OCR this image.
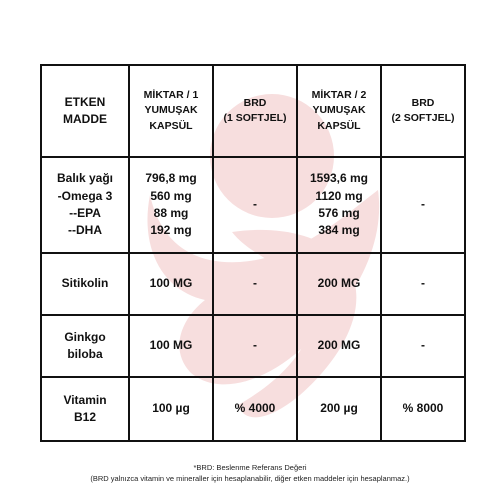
ETKEN
MADDE	MİKTAR / 1
YUMUŞAK
KAPSÜL	BRD
(1 SOFTJEL)	MİKTAR / 2
YUMUŞAK
KAPSÜL	BRD
(2 SOFTJEL)

Balık yağı
-Omega 3
--EPA
--DHA	796,8 mg
560 mg
88 mg
192 mg	-	1593,6 mg
1120 mg
576 mg
384 mg	-

Sitikolin	100 MG	-	200 MG	-

Ginkgo
biloba	100 MG	-	200 MG	-

Vitamin
B12	100 µg	% 4000	200 µg	% 8000
*BRD: Beslenme Referans Değeri
(BRD yalnızca vitamin ve mineraller için hesaplanabilir, diğer etken maddeler için hesaplanmaz.)
